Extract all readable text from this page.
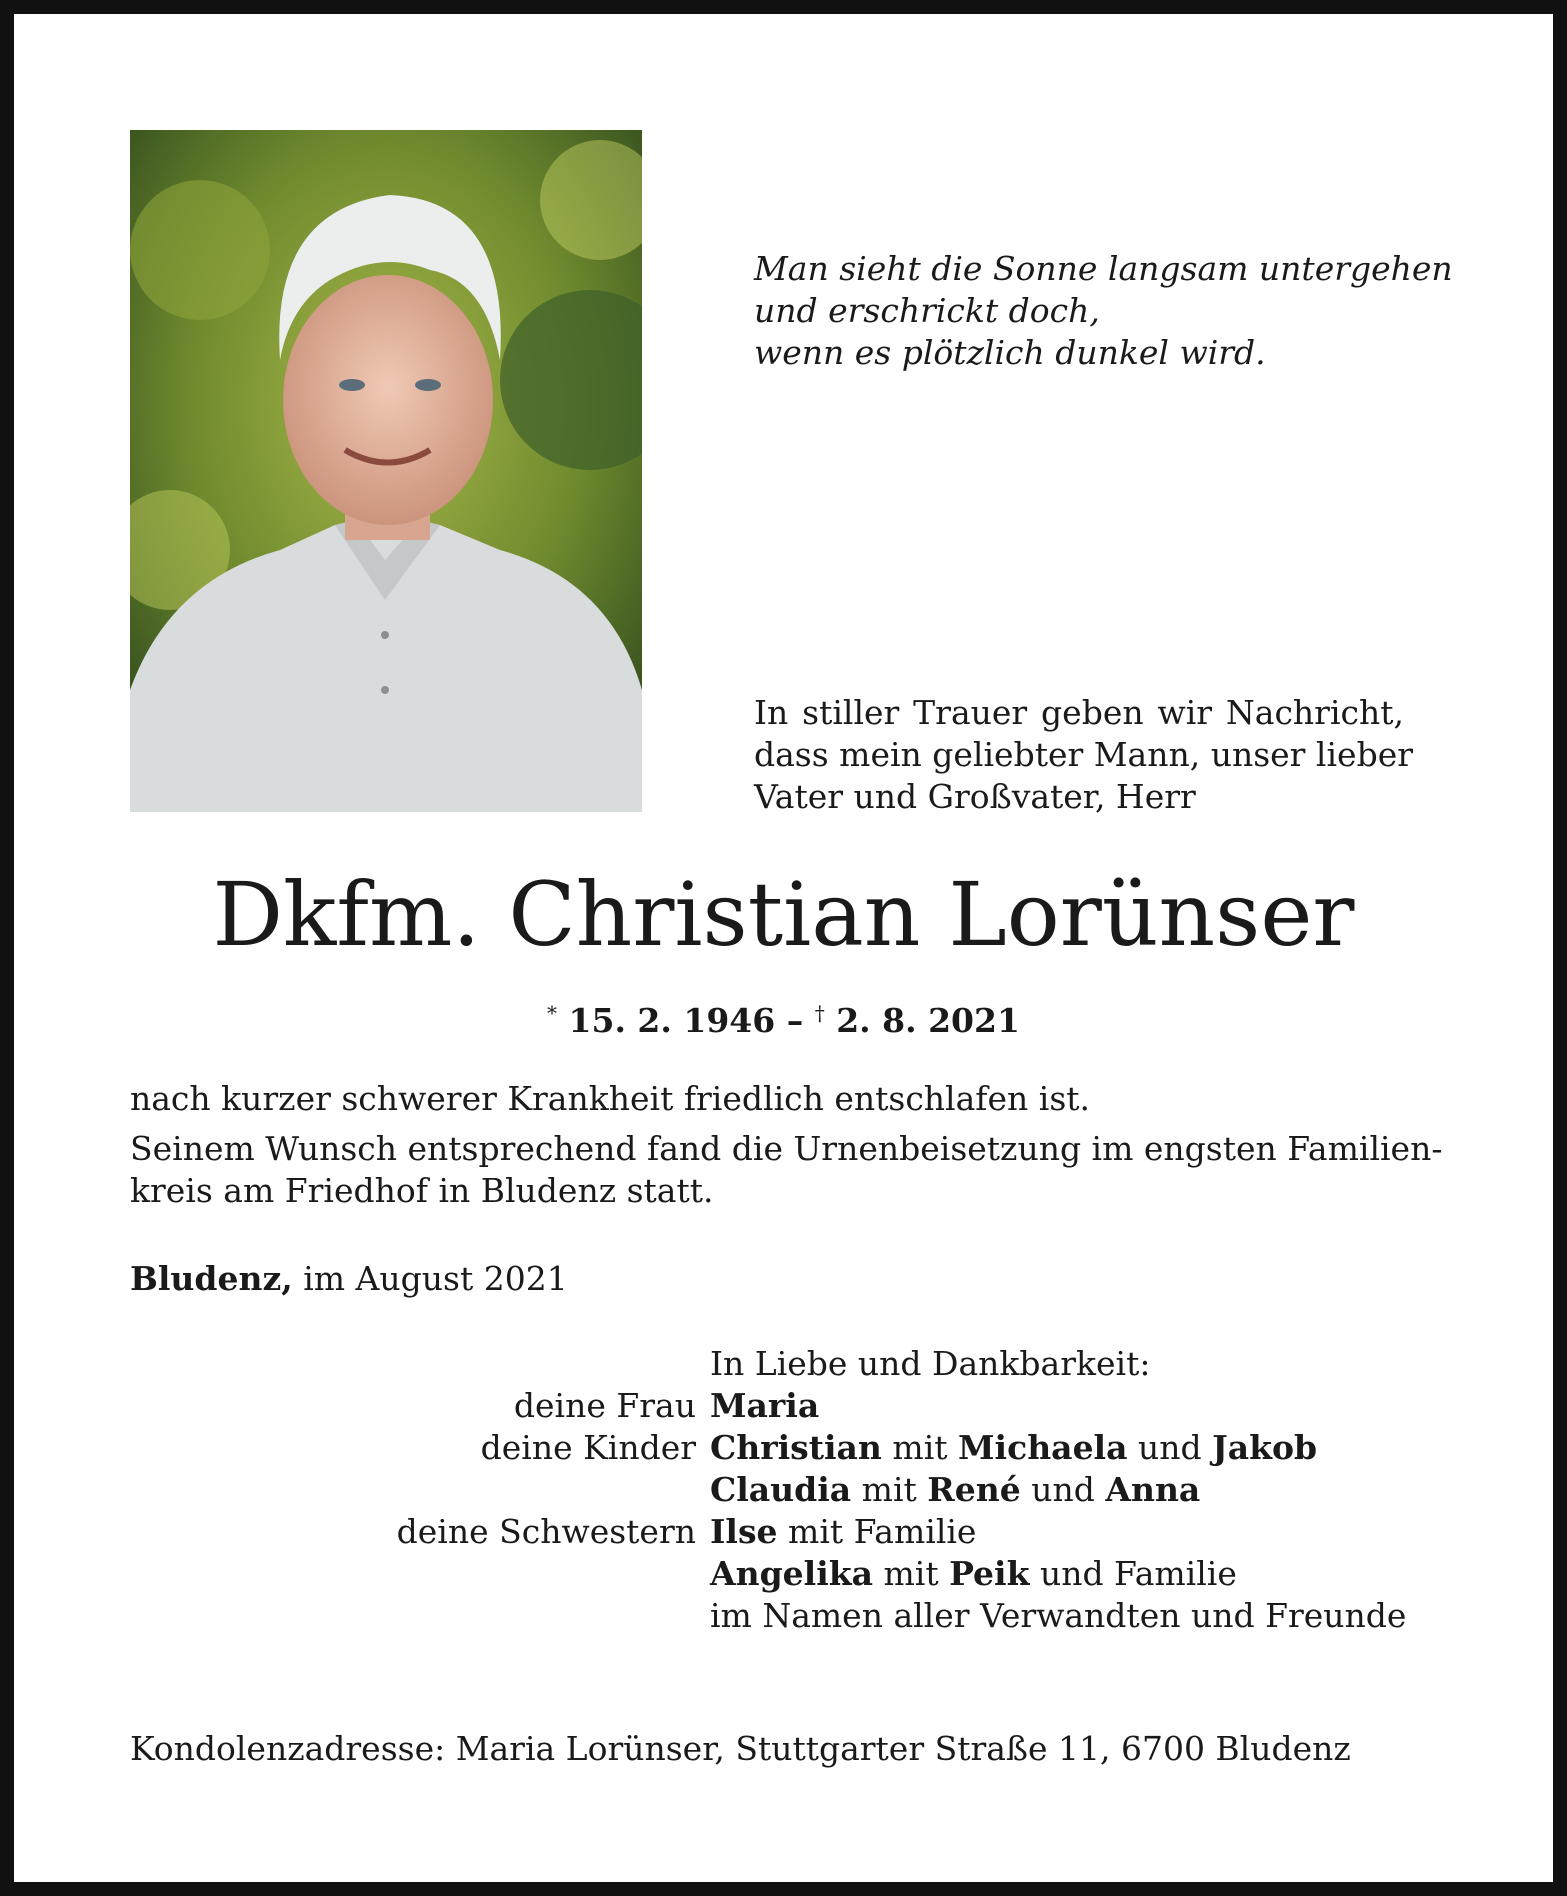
Man sieht die Sonne langsam untergehen
und erschrickt doch,
wenn es plötzlich dunkel wird.
In stiller Trauer geben wir Nachricht,
dass mein geliebter Mann, unser lieber
Vater und Großvater, Herr
Dkfm. Christian Lorünser
* 15. 2. 1946 – † 2. 8. 2021
nach kurzer schwerer Krankheit friedlich entschlafen ist.
Seinem Wunsch entsprechend fand die Urnenbeisetzung im engsten Familien-
kreis am Friedhof in Bludenz statt.
Bludenz, im August 2021
In Liebe und Dankbarkeit:
deine Frau Maria
deine Kinder Christian mit Michaela und Jakob
Claudia mit René und Anna
deine Schwestern Ilse mit Familie
Angelika mit Peik und Familie
im Namen aller Verwandten und Freunde
Kondolenzadresse: Maria Lorünser, Stuttgarter Straße 11, 6700 Bludenz
